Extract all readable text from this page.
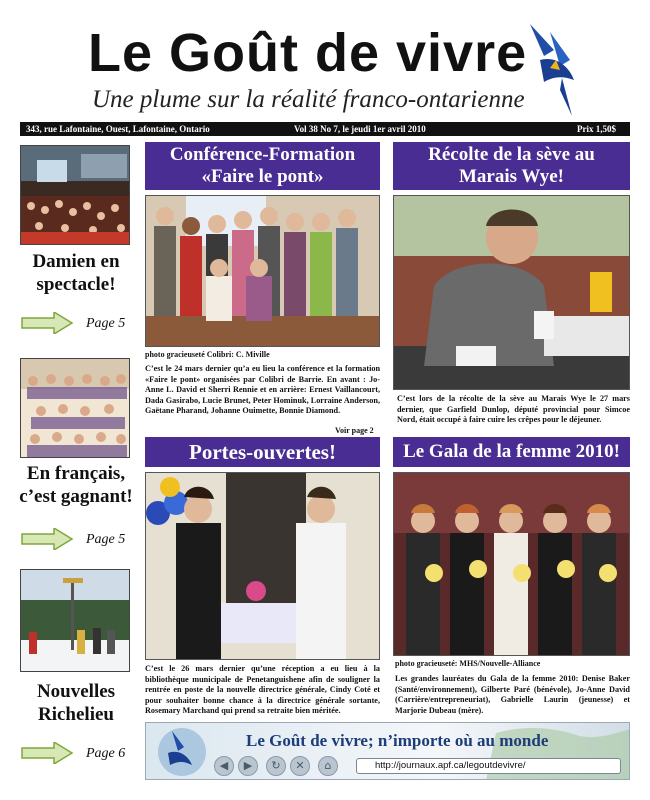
Le Goût de vivre
Une plume sur la réalité franco-ontarienne
343, rue Lafontaine, Ouest, Lafontaine, Ontario	Vol 38 No 7, le jeudi 1er avril 2010	Prix 1,50$
Damien en
spectacle!
Page 5
En français,
c’est gagnant!
Page 5
Nouvelles
Richelieu
Page 6
Conférence-Formation
«Faire le pont»
photo gracieuseté Colibri: C. Miville
C’est le 24 mars dernier qu’a eu lieu la conférence et la formation «Faire le pont» organisées par Colibri de Barrie. En avant : Jo-Anne L. David et Sherri Rennie et en arrière: Ernest Vaillancourt, Dada Gasirabo, Lucie Brunet, Peter Hominuk, Lorraine Anderson, Gaëtane Pharand, Johanne Ouimette, Bonnie Diamond.
Voir page 2
Récolte de la sève au
Marais Wye!
C’est lors de la récolte de la sève au Marais Wye le 27 mars dernier, que Garfield Dunlop, député provincial pour Simcoe Nord, était occupé à faire cuire les crêpes pour le déjeuner.
Portes-ouvertes!
C’est le 26 mars dernier qu’une réception a eu lieu à la bibliothèque municipale de Penetanguishene afin de souligner la rentrée en poste de la nouvelle directrice générale, Cindy Coté et pour souhaiter bonne chance à la directrice générale sortante, Rosemary Marchand qui prend sa retraite bien méritée.
Le Gala de la femme 2010!
photo gracieuseté: MHS/Nouvelle-Alliance
Les grandes lauréates du Gala de la femme 2010: Denise Baker (Santé/environnement), Gilberte Paré (bénévole), Jo-Anne David (Carrière/entrepreneuriat), Gabrielle Laurin (jeunesse) et Marjorie Dubeau (mère).
Le Goût de vivre; n’importe où au monde
◀	▶	↻	✕	⌂	http://journaux.apf.ca/legoutdevivre/
